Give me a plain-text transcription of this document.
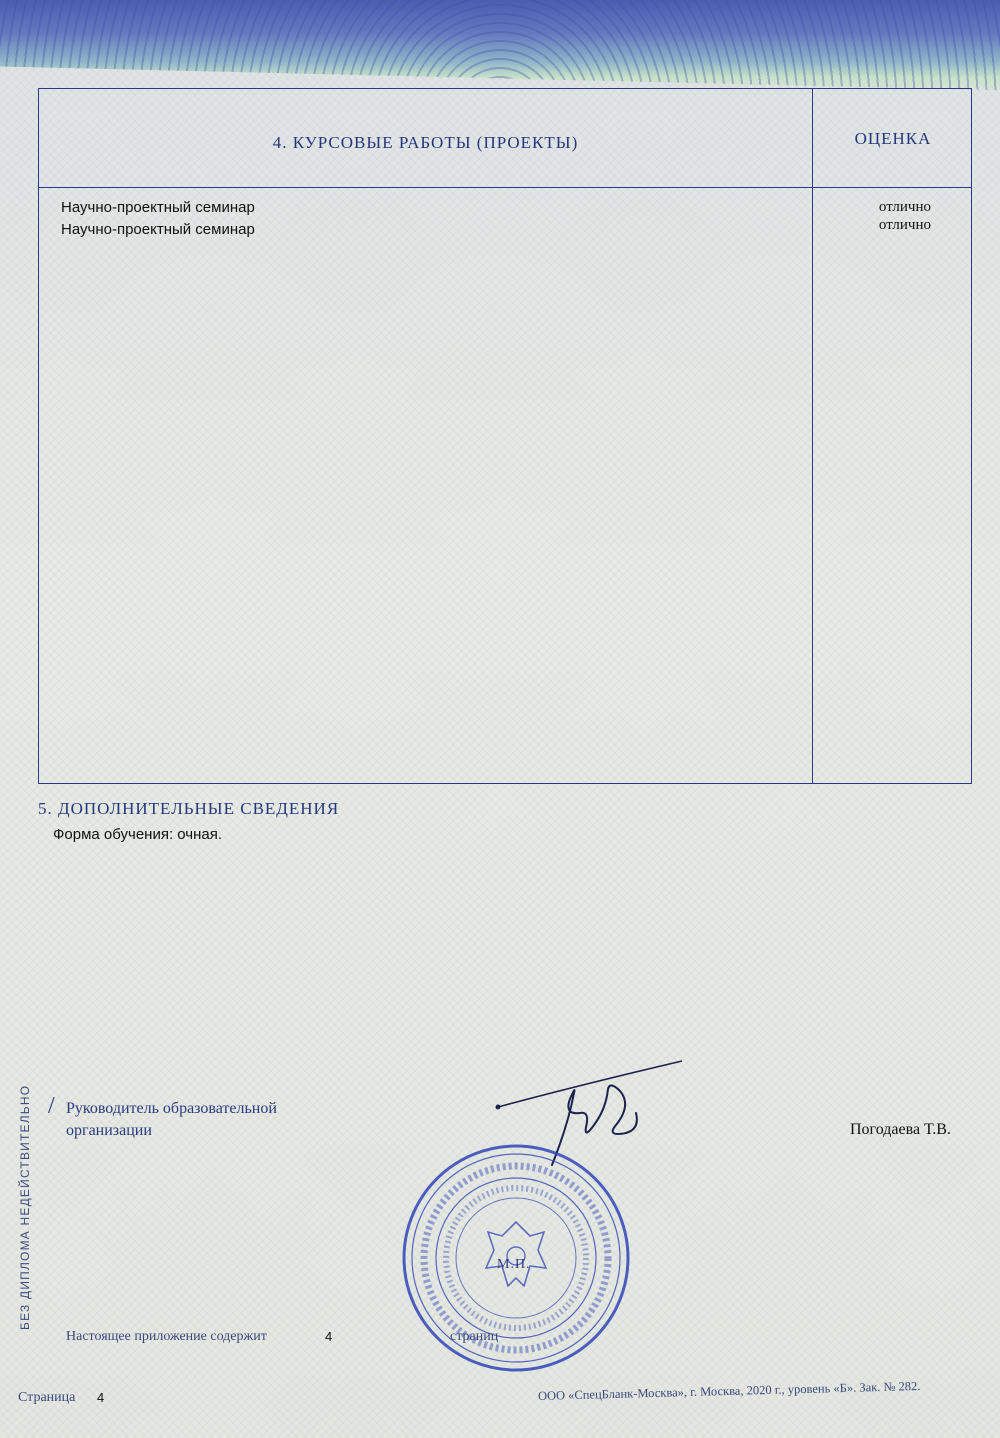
4. КУРСОВЫЕ РАБОТЫ (ПРОЕКТЫ)	ОЦЕНКА
Научно-проектный семинар	отлично
Научно-проектный семинар	отлично
5. ДОПОЛНИТЕЛЬНЫЕ СВЕДЕНИЯ
Форма обучения: очная.
БЕЗ ДИПЛОМА НЕДЕЙСТВИТЕЛЬНО / Руководитель образовательной организации	Погодаева Т.В.
М.П.
Настоящее приложение содержит	4	страниц
Страница 4	ООО «СпецБланк-Москва», г. Москва, 2020 г., уровень «Б». Зак. № 282.
